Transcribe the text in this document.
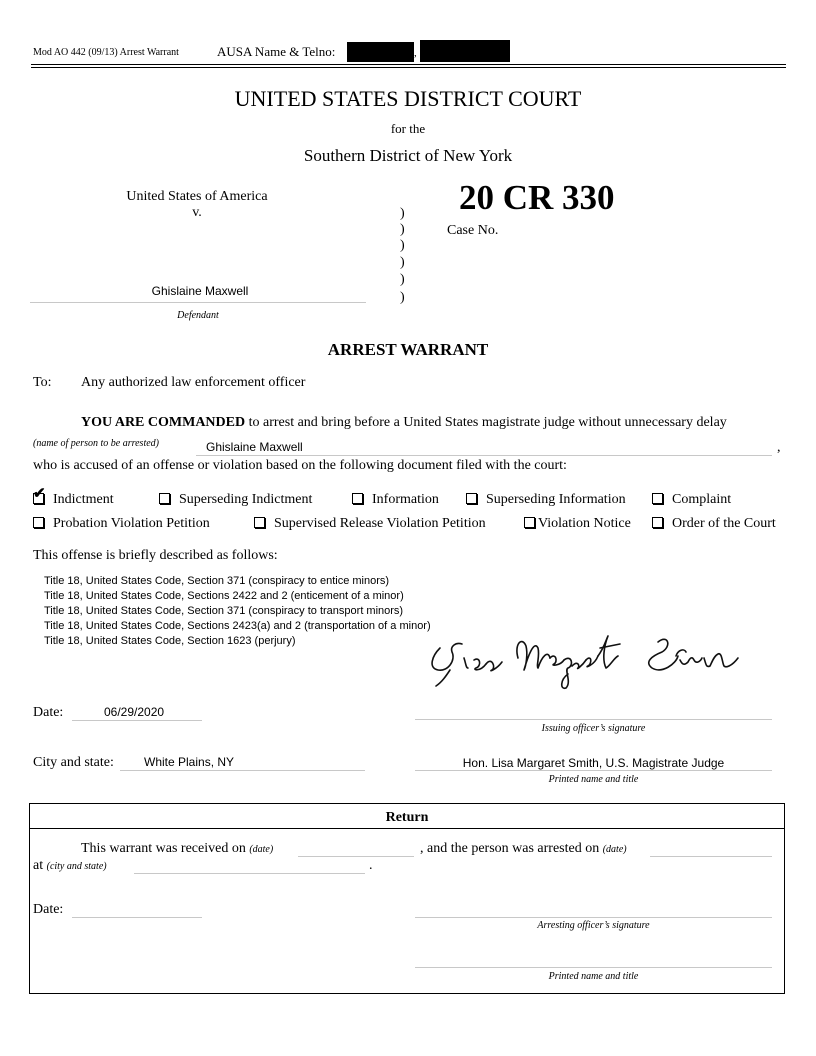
Mod AO 442 (09/13) Arrest Warrant	AUSA Name & Telno:	,
UNITED STATES DISTRICT COURT
for the
Southern District of New York
United States of America
v.
Ghislaine Maxwell
Defendant
)
)
)
)
)
)
20 CR 330
Case No.
ARREST WARRANT
To: Any authorized law enforcement officer
YOU ARE COMMANDED to arrest and bring before a United States magistrate judge without unnecessary delay
(name of person to be arrested)	Ghislaine Maxwell	,
who is accused of an offense or violation based on the following document filed with the court:
✔ Indictment	Superseding Indictment	Information	Superseding Information	Complaint
Probation Violation Petition	Supervised Release Violation Petition	Violation Notice	Order of the Court
This offense is briefly described as follows:
Title 18, United States Code, Section 371 (conspiracy to entice minors)
Title 18, United States Code, Sections 2422 and 2 (enticement of a minor)
Title 18, United States Code, Section 371 (conspiracy to transport minors)
Title 18, United States Code, Sections 2423(a) and 2 (transportation of a minor)
Title 18, United States Code, Section 1623 (perjury)
Date:	06/29/2020
Issuing officer’s signature
City and state:	White Plains, NY	Hon. Lisa Margaret Smith, U.S. Magistrate Judge
Printed name and title
Return
This warrant was received on (date)	, and the person was arrested on (date)
at (city and state)	.
Date:
Arresting officer’s signature
Printed name and title
